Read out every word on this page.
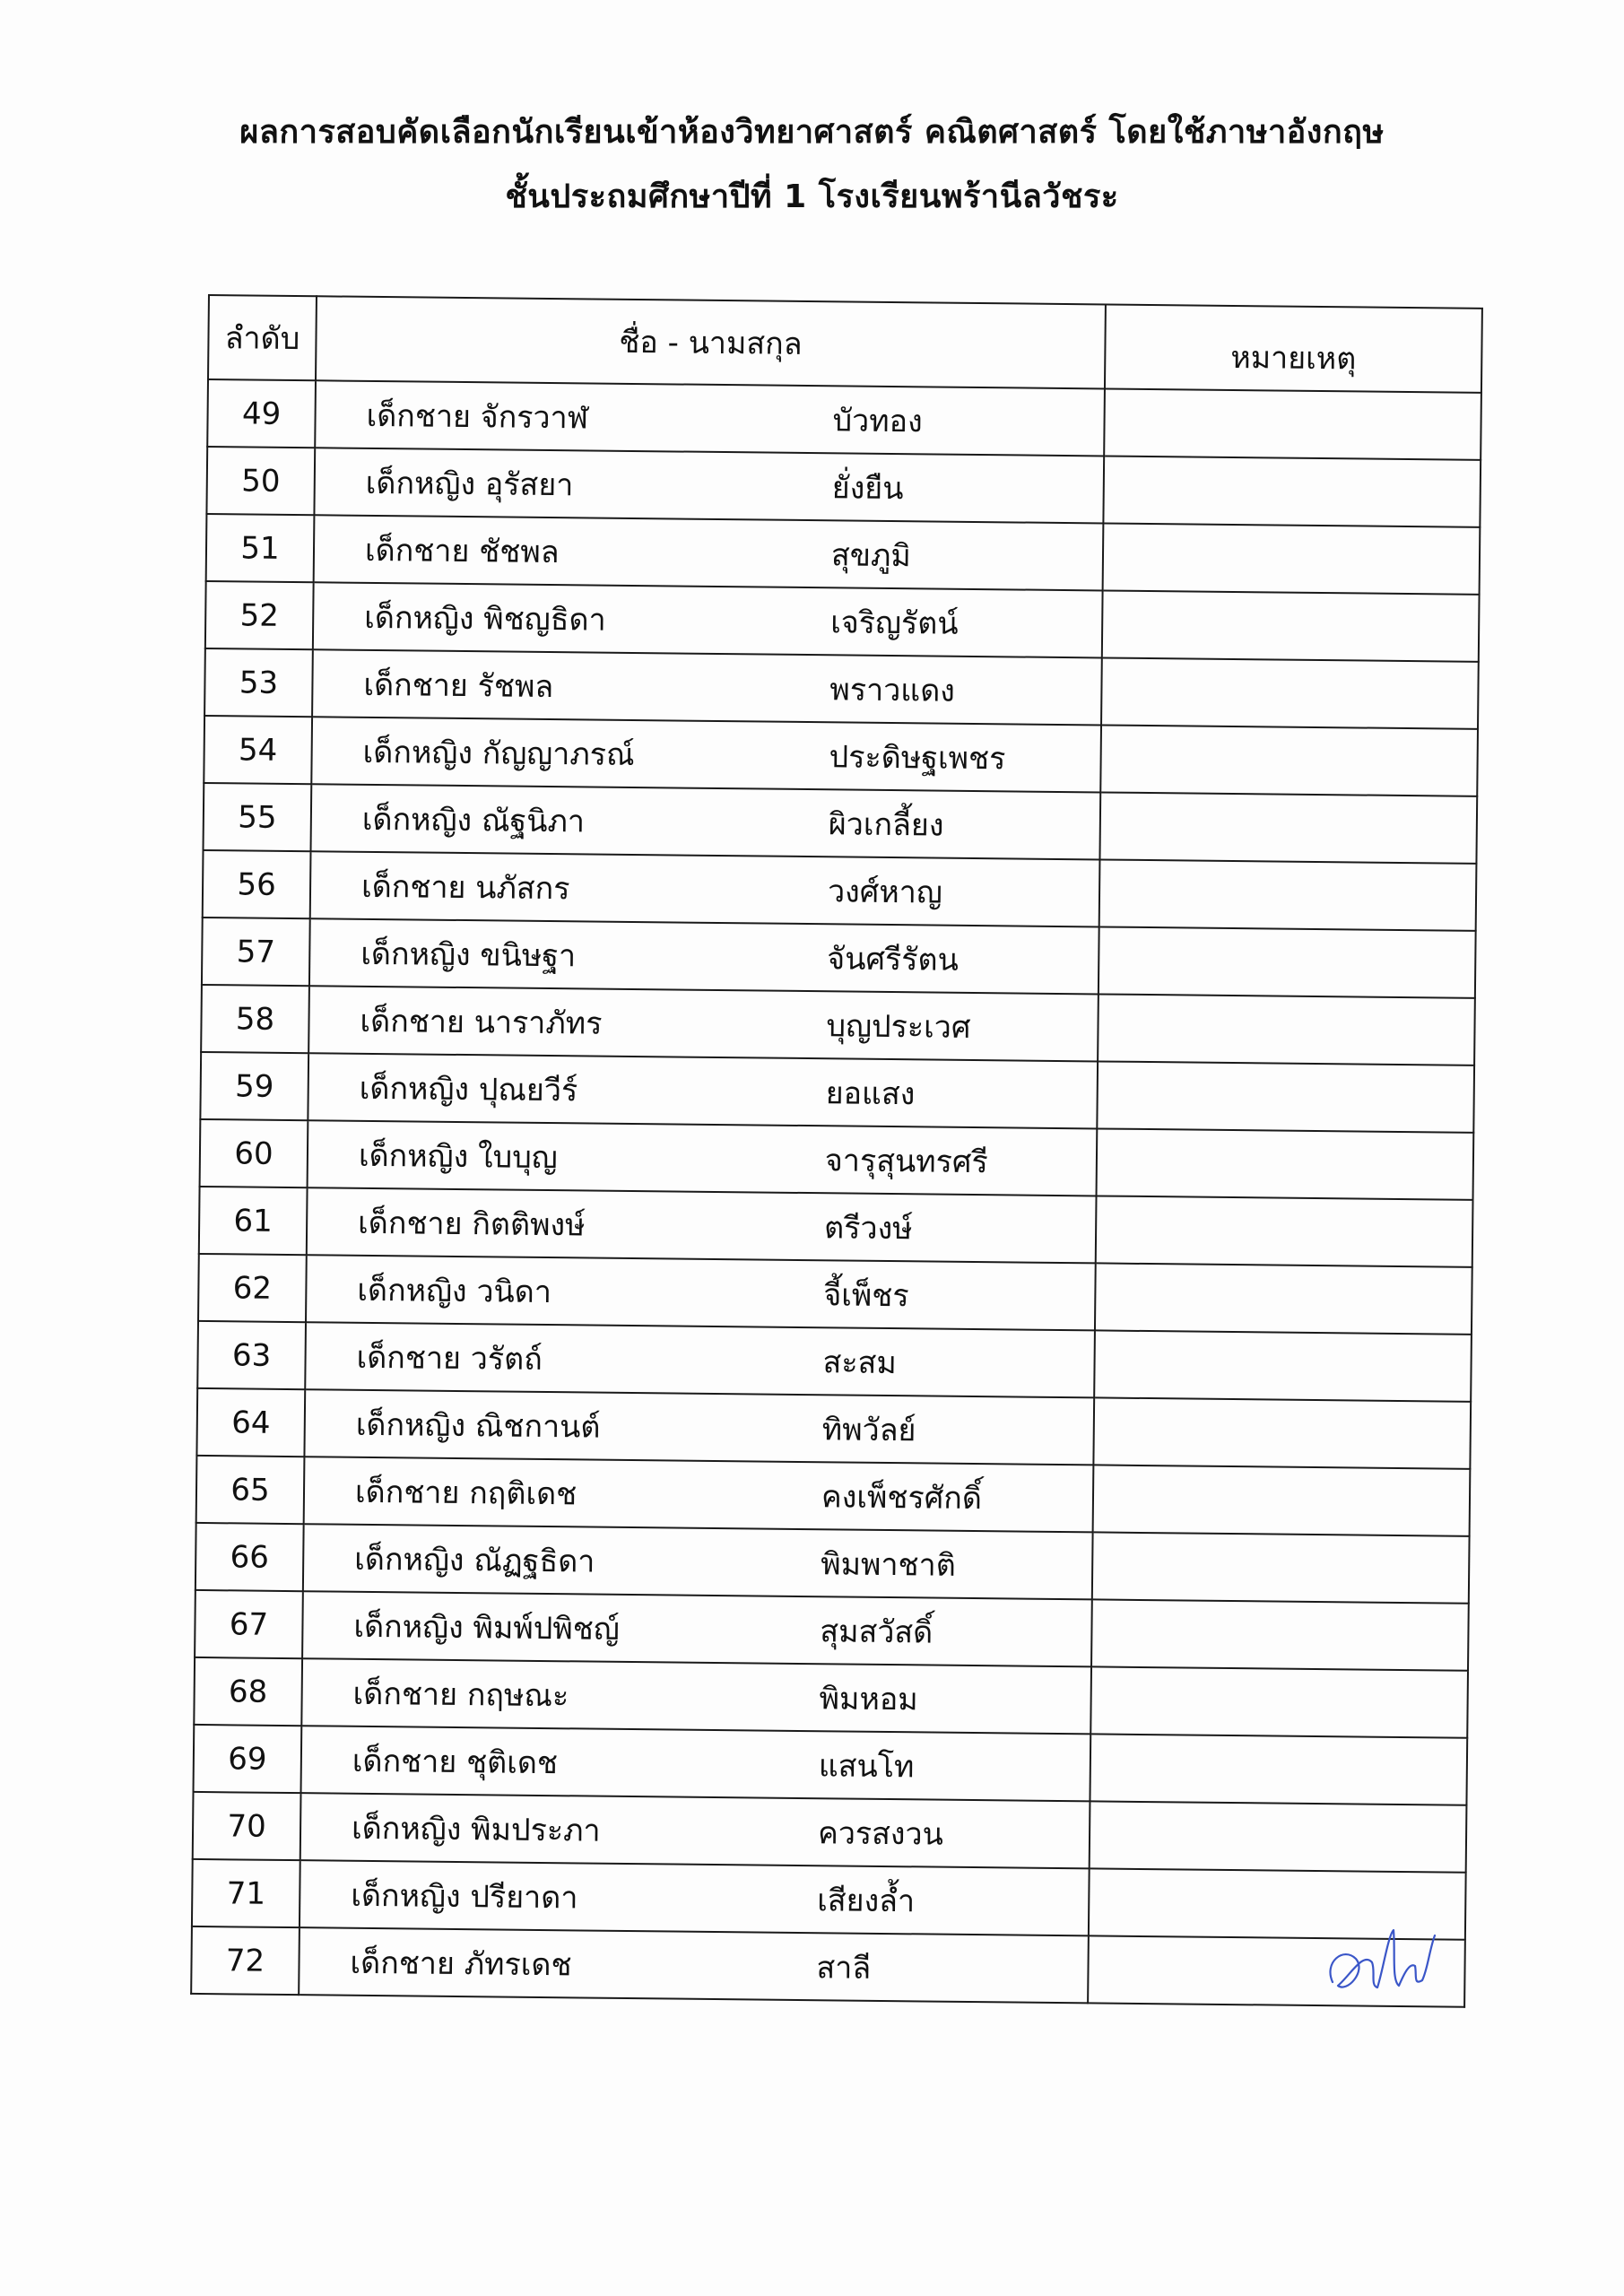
ผลการสอบคัดเลือกนักเรียนเข้าห้องวิทยาศาสตร์ คณิตศาสตร์ โดยใช้ภาษาอังกฤษ
ชั้นประถมศึกษาปีที่ 1 โรงเรียนพร้านีลวัชระ
ลำดับ	ชื่อ - นามสกุล	หมายเหตุ
49	เด็กชาย จักรวาฬ บัวทอง	

50	เด็กหญิง อุรัสยา ยั่งยืน	

51	เด็กชาย ชัชพล สุขภูมิ	

52	เด็กหญิง พิชญธิดา เจริญรัตน์	

53	เด็กชาย รัชพล พราวแดง	

54	เด็กหญิง กัญญาภรณ์ ประดิษฐเพชร	

55	เด็กหญิง ณัฐนิภา ผิวเกลี้ยง	

56	เด็กชาย นภัสกร วงศ์หาญ	

57	เด็กหญิง ขนิษฐา จันศรีรัตน	

58	เด็กชาย นาราภัทร บุญประเวศ	

59	เด็กหญิง ปุณยวีร์ ยอแสง	

60	เด็กหญิง ใบบุญ จารุสุนทรศรี	

61	เด็กชาย กิตติพงษ์ ตรีวงษ์	

62	เด็กหญิง วนิดา จี้เพ็ชร	

63	เด็กชาย วรัตถ์ สะสม	

64	เด็กหญิง ณิชกานต์ ทิพวัลย์	

65	เด็กชาย กฤติเดช คงเพ็ชรศักดิ์	

66	เด็กหญิง ณัฏฐธิดา พิมพาชาติ	

67	เด็กหญิง พิมพ์ปพิชญ์ สุมสวัสดิ์	

68	เด็กชาย กฤษณะ พิมหอม	

69	เด็กชาย ชุติเดช แสนโท	

70	เด็กหญิง พิมประภา ควรสงวน	

71	เด็กหญิง ปรียาดา เสียงล้ำ	

72	เด็กชาย ภัทรเดช สาลี	
